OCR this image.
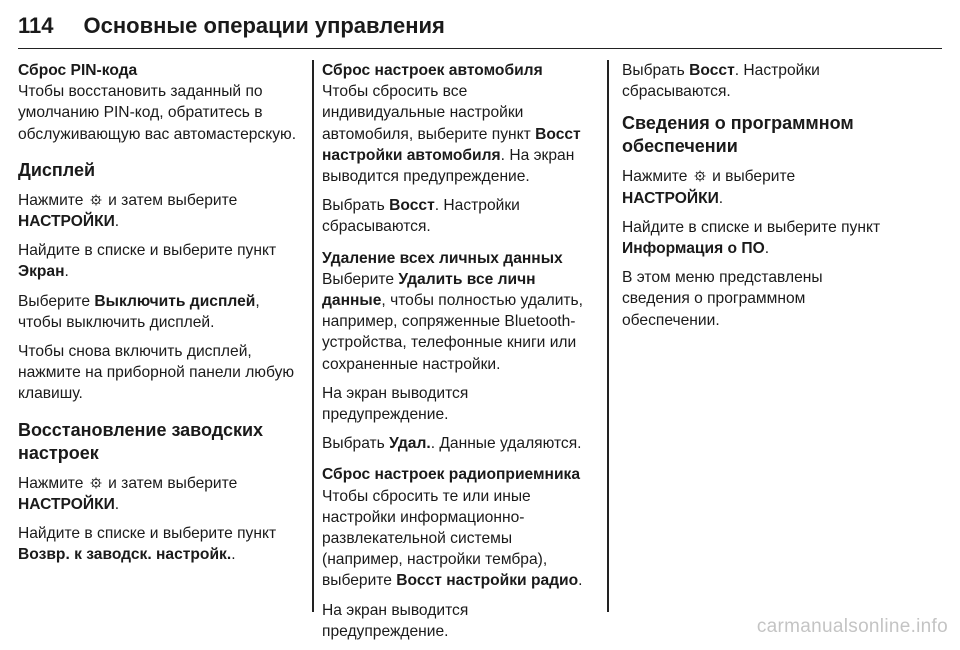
114 Основные операции управления

Сброс PIN-кода

Чтобы восстановить заданный по умолчанию PIN-код, обратитесь в обслуживающую вас автомастерскую.

Дисплей

Нажмите и затем выберите НАСТРОЙКИ.

Найдите в списке и выберите пункт Экран.

Выберите Выключить дисплей, чтобы выключить дисплей.

Чтобы снова включить дисплей, нажмите на приборной панели любую клавишу.

Восстановление заводских настроек

Нажмите и затем выберите НАСТРОЙКИ.

Найдите в списке и выберите пункт Возвр. к заводск. настройк..

Сброс настроек автомобиля

Чтобы сбросить все индивидуальные настройки автомобиля, выберите пункт Восст настройки автомобиля. На экран выводится предупреждение.

Выбрать Восст. Настройки сбрасываются.

Удаление всех личных данных

Выберите Удалить все личн данные, чтобы полностью удалить, например, сопряженные Bluetooth-устройства, телефонные книги или сохраненные настройки.

На экран выводится предупреждение.

Выбрать Удал.. Данные удаляются.

Сброс настроек радиоприемника

Чтобы сбросить те или иные настройки информационно-развлекательной системы (например, настройки тембра), выберите Восст настройки радио.

На экран выводится предупреждение.

Выбрать Восст. Настройки сбрасываются.

Сведения о программном обеспечении

Нажмите и выберите НАСТРОЙКИ.

Найдите в списке и выберите пункт Информация о ПО.

В этом меню представлены сведения о программном обеспечении.

carmanualsonline.info
